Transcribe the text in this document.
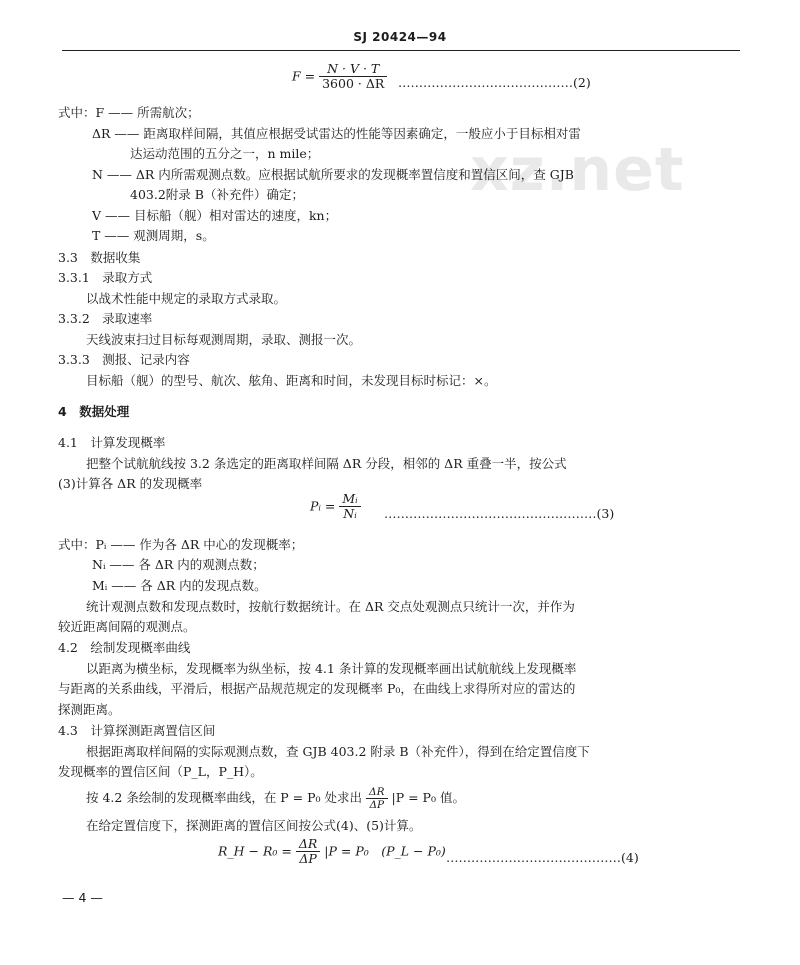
xz.net
SJ 20424—94
$F = \frac{N \cdot V \cdot T}{3600 \cdot \Delta R}$ ……………………………………(2)
式中：F —— 所需航次；
ΔR —— 距离取样间隔，其值应根据受试雷达的性能等因素确定，一般应小于目标相对雷
达运动范围的五分之一，n mile；
N —— ΔR 内所需观测点数。应根据试航所要求的发现概率置信度和置信区间，查 GJB
403.2附录 B（补充件）确定；
V —— 目标船（舰）相对雷达的速度，kn；
T —— 观测周期，s。
3.3　数据收集
3.3.1　录取方式
以战术性能中规定的录取方式录取。
3.3.2　录取速率
天线波束扫过目标每观测周期，录取、测报一次。
3.3.3　测报、记录内容
目标船（舰）的型号、航次、舷角、距离和时间，未发现目标时标记：×。
4　数据处理
4.1　计算发现概率
把整个试航航线按 3.2 条选定的距离取样间隔 ΔR 分段，相邻的 ΔR 重叠一半，按公式
(3)计算各 ΔR 的发现概率
Pᵢ = $\frac{\text{Mᵢ}}{\text{Nᵢ}}$ ……………………………………………(3)
式中：Pᵢ —— 作为各 ΔR 中心的发现概率；
Nᵢ —— 各 ΔR 内的观测点数；
Mᵢ —— 各 ΔR 内的发现点数。
统计观测点数和发现点数时，按航行数据统计。在 ΔR 交点处观测点只统计一次，并作为
较近距离间隔的观测点。
4.2　绘制发现概率曲线
以距离为横坐标，发现概率为纵坐标，按 4.1 条计算的发现概率画出试航航线上发现概率
与距离的关系曲线，平滑后，根据产品规范规定的发现概率 P₀，在曲线上求得所对应的雷达的
探测距离。
4.3　计算探测距离置信区间
根据距离取样间隔的实际观测点数，查 GJB 403.2 附录 B（补充件），得到在给定置信度下
发现概率的置信区间（P_L，P_H）。
按 4.2 条绘制的发现概率曲线，在 P = P₀ 处求出 $\frac{\Delta R}{\Delta P} |P = P_0$ 值。
在给定置信度下，探测距离的置信区间按公式(4)、(5)计算。
R_H − $R_0 = \frac{\Delta R}{\Delta P} |P = P_0$　(P_L − P₀) ……………………………………(4)
— 4 —
